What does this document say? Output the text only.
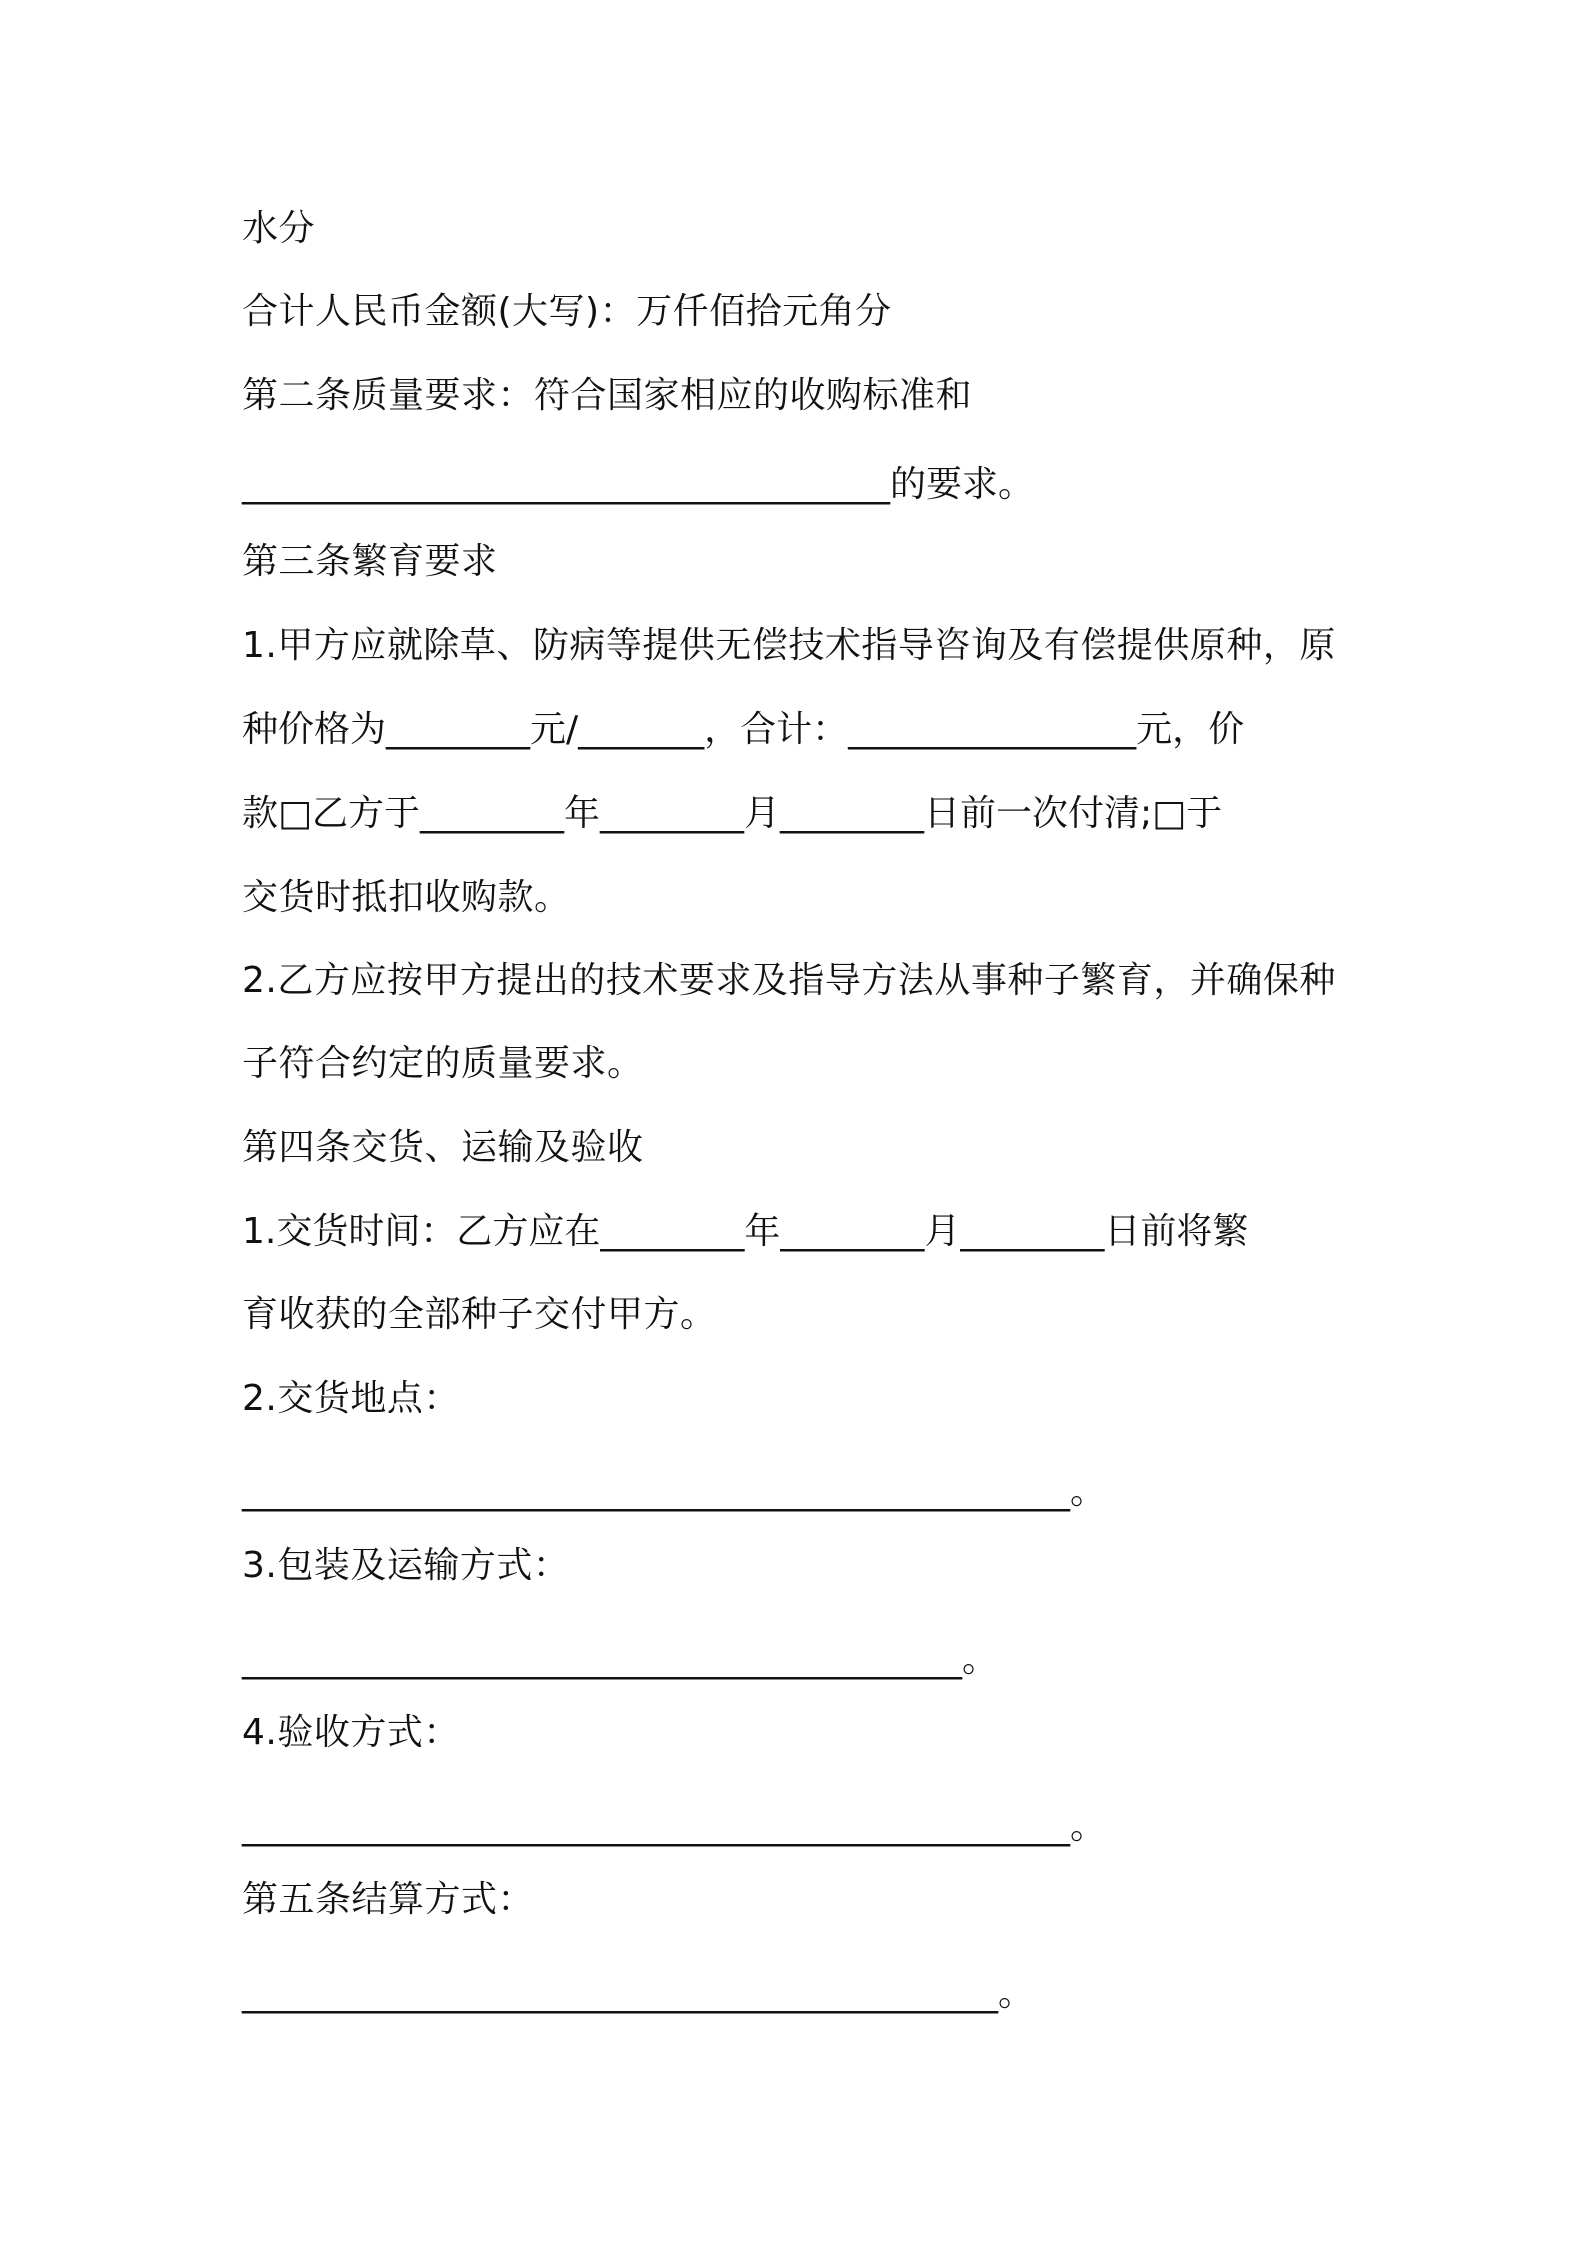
水分
合计人民币金额(大写)：万仟佰拾元角分
第二条质量要求：符合国家相应的收购标准和
____________________________________的要求。
第三条繁育要求
1.甲方应就除草、防病等提供无偿技术指导咨询及有偿提供原种，原
种价格为________元/_______，合计：________________元，价
款□乙方于________年________月________日前一次付清;□于
交货时抵扣收购款。
2.乙方应按甲方提出的技术要求及指导方法从事种子繁育，并确保种
子符合约定的质量要求。
第四条交货、运输及验收
1.交货时间：乙方应在________年________月________日前将繁
育收获的全部种子交付甲方。
2.交货地点：
______________________________________________。
3.包装及运输方式：
________________________________________。
4.验收方式：
______________________________________________。
第五条结算方式：
__________________________________________。
